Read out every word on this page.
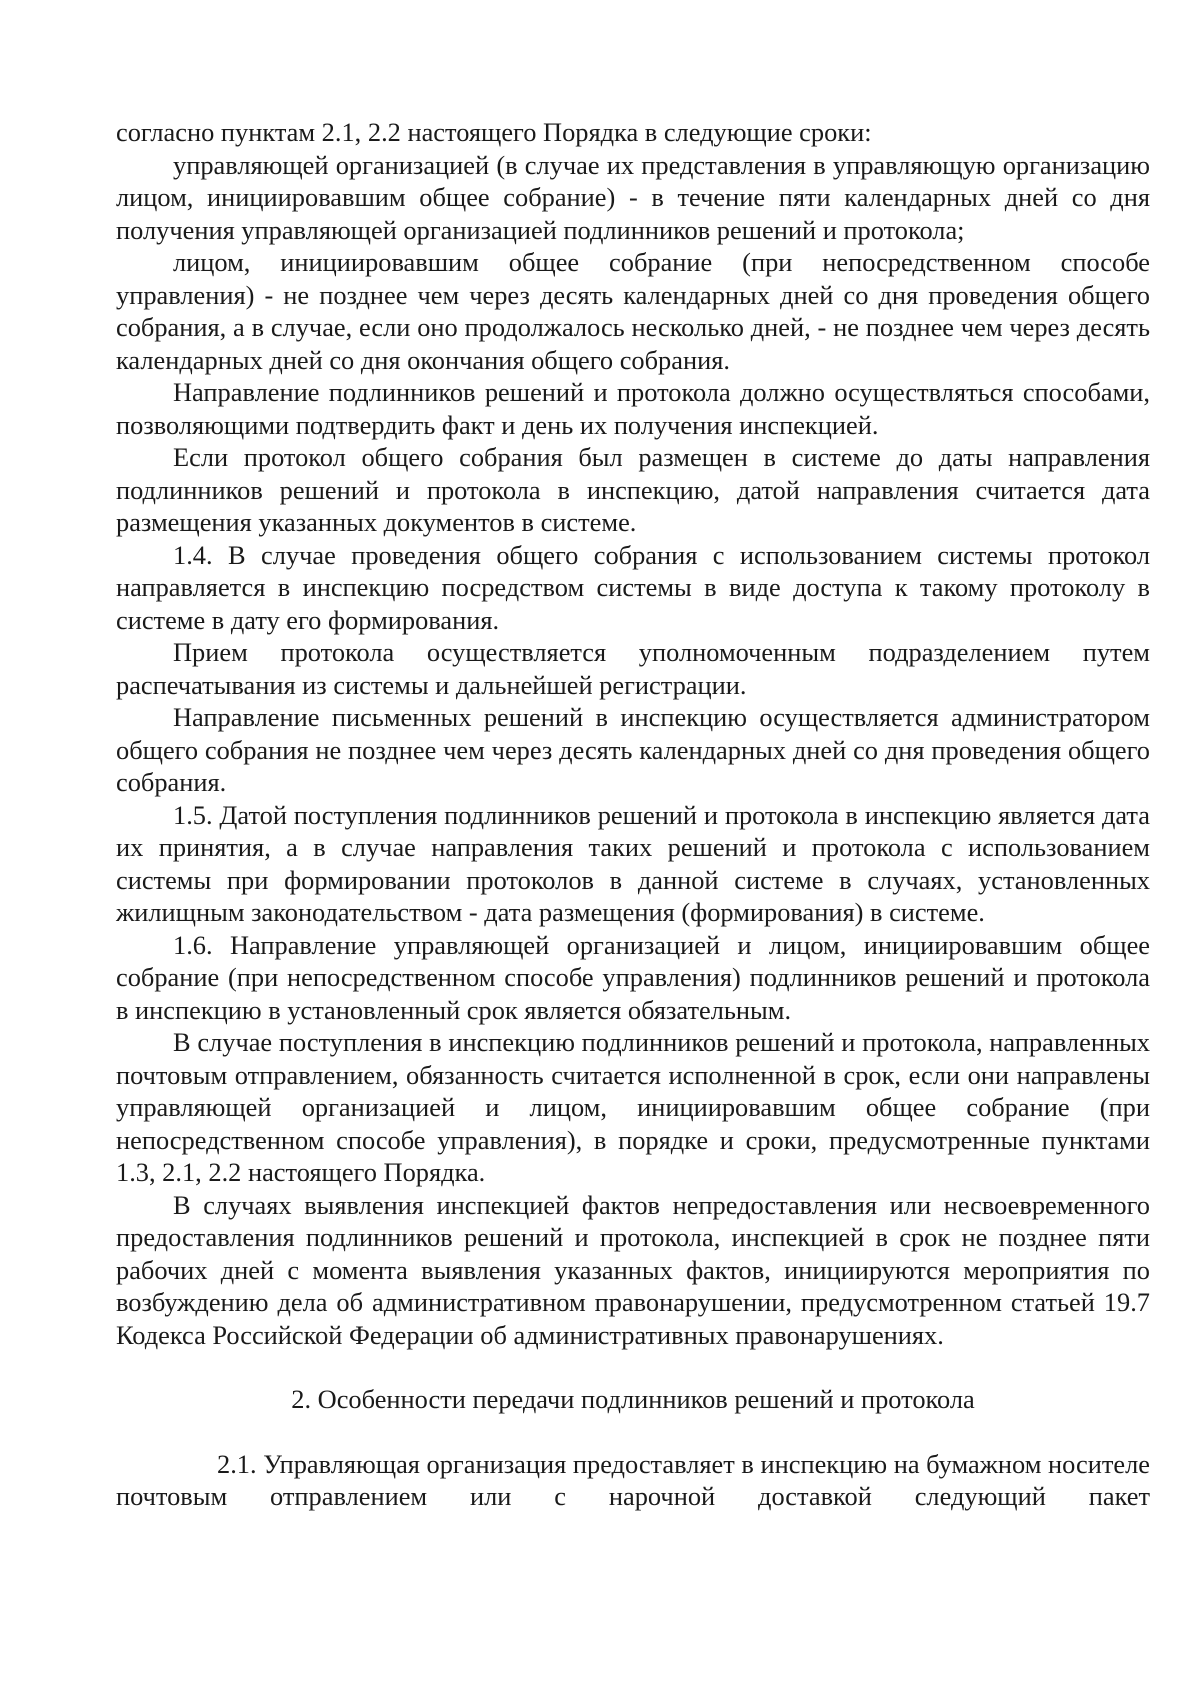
согласно пунктам 2.1, 2.2 настоящего Порядка в следующие сроки:

управляющей организацией (в случае их представления в управляющую организацию лицом, инициировавшим общее собрание) - в течение пяти календарных дней со дня получения управляющей организацией подлинников решений и протокола;

лицом, инициировавшим общее собрание (при непосредственном способе управления) - не позднее чем через десять календарных дней со дня проведения общего собрания, а в случае, если оно продолжалось несколько дней, - не позднее чем через десять календарных дней со дня окончания общего собрания.

Направление подлинников решений и протокола должно осуществляться способами, позволяющими подтвердить факт и день их получения инспекцией.

Если протокол общего собрания был размещен в системе до даты направления подлинников решений и протокола в инспекцию, датой направления считается дата размещения указанных документов в системе.

1.4. В случае проведения общего собрания с использованием системы протокол направляется в инспекцию посредством системы в виде доступа к такому протоколу в системе в дату его формирования.

Прием протокола осуществляется уполномоченным подразделением путем распечатывания из системы и дальнейшей регистрации.

Направление письменных решений в инспекцию осуществляется администратором общего собрания не позднее чем через десять календарных дней со дня проведения общего собрания.

1.5. Датой поступления подлинников решений и протокола в инспекцию является дата их принятия, а в случае направления таких решений и протокола с использованием системы при формировании протоколов в данной системе в случаях, установленных жилищным законодательством - дата размещения (формирования) в системе.

1.6. Направление управляющей организацией и лицом, инициировавшим общее собрание (при непосредственном способе управления) подлинников решений и протокола в инспекцию в установленный срок является обязательным.

В случае поступления в инспекцию подлинников решений и протокола, направленных почтовым отправлением, обязанность считается исполненной в срок, если они направлены управляющей организацией и лицом, инициировавшим общее собрание (при непосредственном способе управления), в порядке и сроки, предусмотренные пунктами 1.3, 2.1, 2.2 настоящего Порядка.

В случаях выявления инспекцией фактов непредоставления или несвоевременного предоставления подлинников решений и протокола, инспекцией в срок не позднее пяти рабочих дней с момента выявления указанных фактов, инициируются мероприятия по возбуждению дела об административном правонарушении, предусмотренном статьей 19.7 Кодекса Российской Федерации об административных правонарушениях.

2. Особенности передачи подлинников решений и протокола

2.1. Управляющая организация предоставляет в инспекцию на бумажном носителе почтовым отправлением или с нарочной доставкой следующий пакет
